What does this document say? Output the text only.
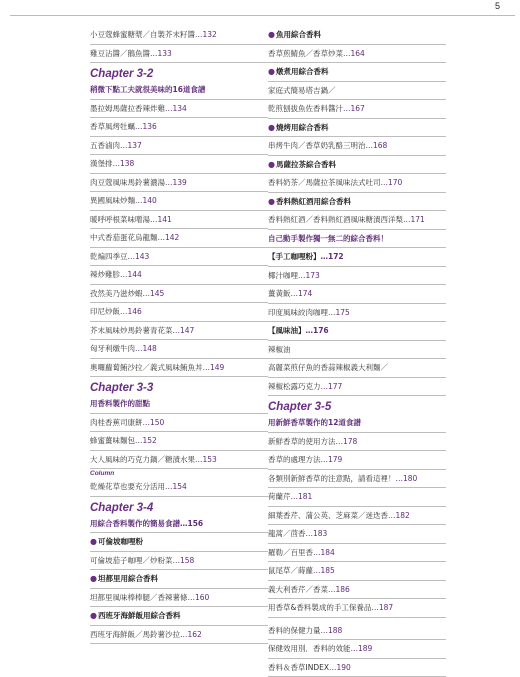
5
小豆蔻蜂蜜糖漿／自製芥末籽醬…132
雞豆沾醬／鵝魚醬…133
Chapter 3-2
稍微下點工夫就很美味的16道食譜
墨拉姆馬薩拉香辣炸雞…134
香草風烤牡蠣…136
五香滷肉…137
漢堡排…138
肉豆蔻風味馬鈴薯濃湯…139
異國風味炒麵…140
暖呼呼根菜味噌湯…141
中式香茄蛋花烏龍麵…142
乾煸四季豆…143
辣炒雞胗…144
孜然美乃滋炒蝦…145
印尼炒飯…146
芥末風味炒馬鈴薯青花菜…147
匈牙利燉牛肉…148
奧囉蘿蔔鮪沙拉／義式風味鮪魚丼…149
Chapter 3-3
用香料製作的甜點
肉桂香蕉司康餅…150
蜂蜜薑味麵包…152
大人風味的巧克力鍋／糖漬水果…153
Column
乾燥花草也要充分活用…154
Chapter 3-4
用綜合香料製作的簡易食譜…156
●可倫坡咖哩粉
可倫坡茄子咖哩／炒粉菜…158
●坦都里用綜合香料
坦都里風味棒棒腿／香辣薯條…160
●西班牙海鮮飯用綜合香料
西班牙海鮮飯／馬鈴薯沙拉…162
●魚用綜合香料
香草煎鯖魚／香草炒菜…164
●燉煮用綜合香料
家庭式簡易塔吉鍋／
乾煎刨拔魚佐香料醬汁…167
●燒烤用綜合香料
串烤牛肉／香草奶乳酪三明治…168
●馬薩拉茶綜合香料
香料奶茶／馬薩拉茶風味法式吐司…170
●香料熱紅酒用綜合香料
香料熱紅酒／香料熱紅酒風味糖漬西洋梨…171
自己動手製作獨一無二的綜合香料！
【手工咖哩粉】…172
椰汁咖哩…173
薑黃飯…174
印度風味絞肉咖哩…175
【風味油】…176
辣椒油
高麗菜煎仔魚的香蒜辣椒義大利麵／
辣椒松露巧克力…177
Chapter 3-5
用新鮮香草製作的12道食譜
新鮮香草的使用方法…178
香草的處理方法…179
各類別新鮮香草的注意點，請看這裡！…180
荷蘭芹…181
細葉香芹、蒲公英、芝麻菜／迷迭香…182
龍蒿／茴香…183
羅勒／百里香…184
鼠尾草／蒔蘿…185
義大利香芹／香菜…186
用香草&香料製成的手工保養品…187
香料的保健力量…188
保健效用別．香料的效能…189
香料＆香草INDEX…190
